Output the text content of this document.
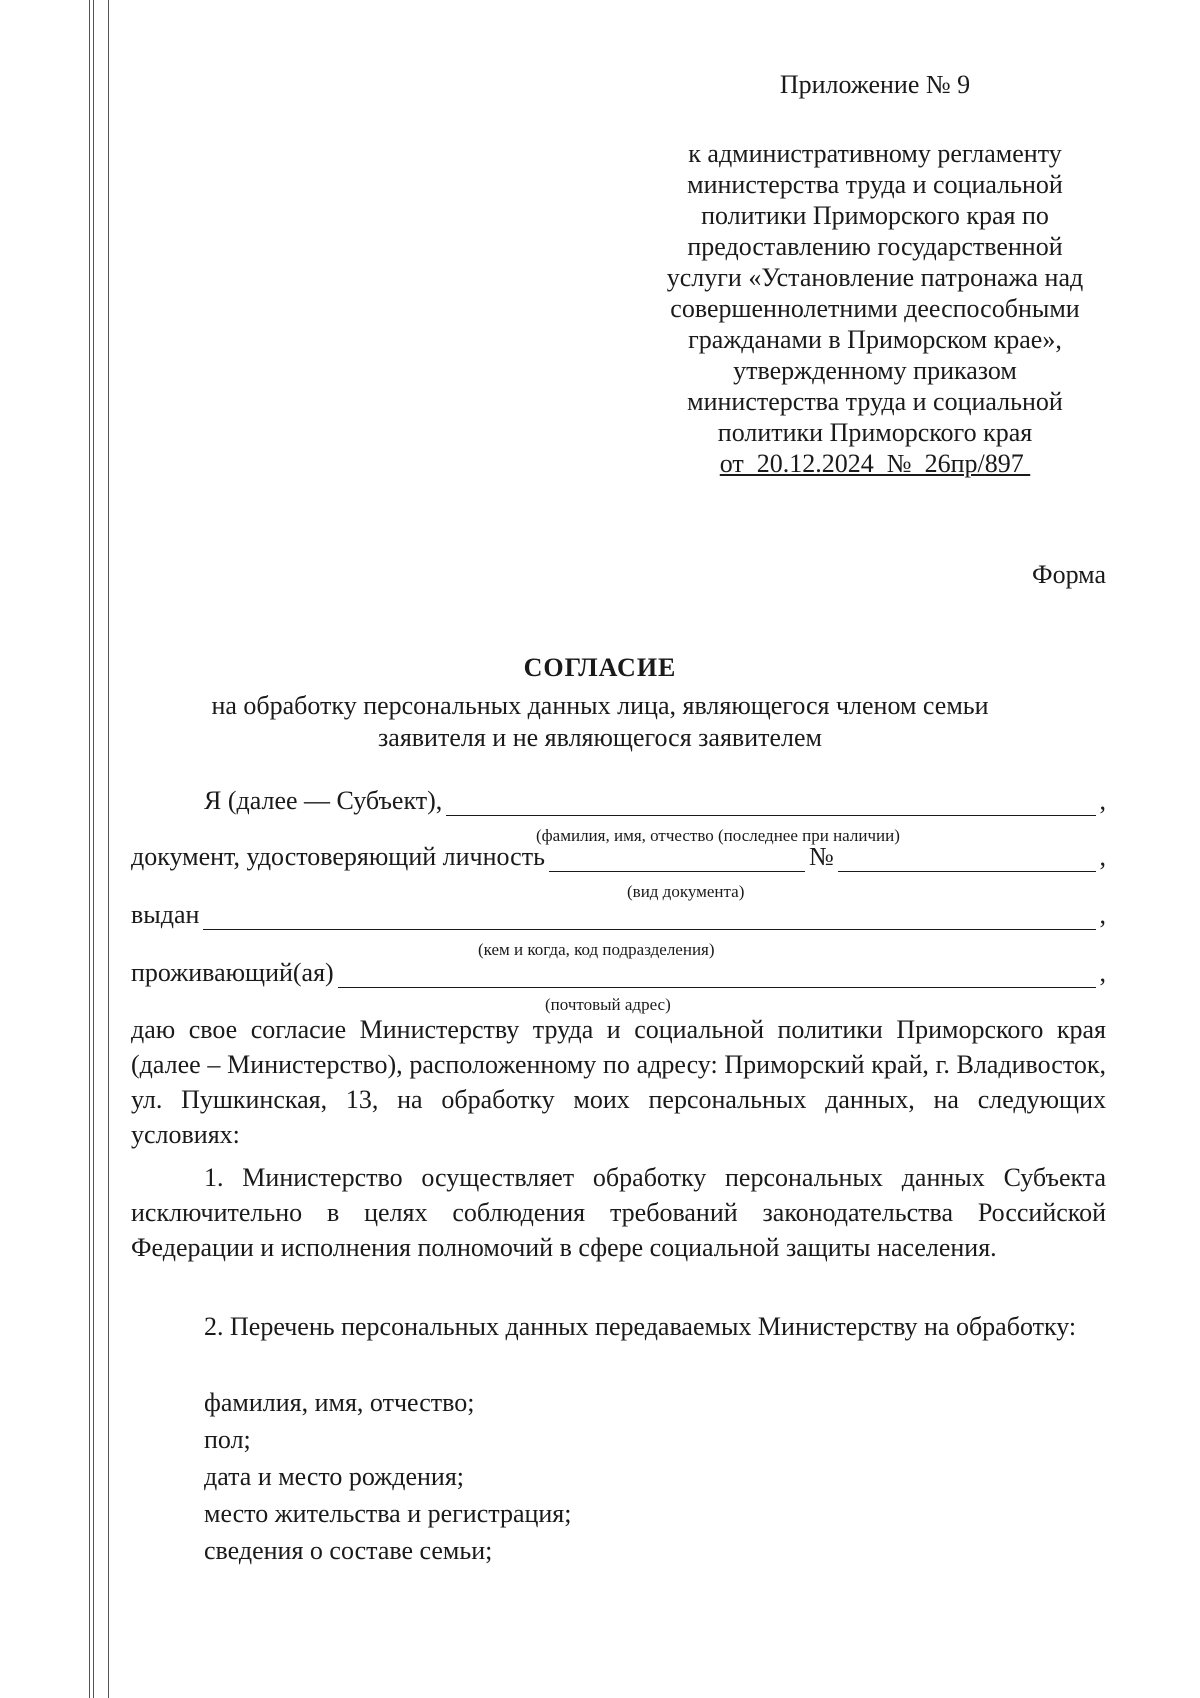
Приложение № 9
к административному регламенту
министерства труда и социальной
политики Приморского края по
предоставлению государственной
услуги «Установление патронажа над
совершеннолетними дееспособными
гражданами в Приморском крае»,
утвержденному приказом
министерства труда и социальной
политики Приморского края
от  20.12.2024  №  26пр/897
Форма
СОГЛАСИЕ
на обработку персональных данных лица, являющегося членом семьи
заявителя и не являющегося заявителем
Я (далее — Субъект),	,
(фамилия, имя, отчество (последнее при наличии)
документ, удостоверяющий личность	№	,
(вид документа)
выдан	,
(кем и когда, код подразделения)
проживающий(ая)	,
(почтовый адрес)
даю свое согласие Министерству труда и социальной политики Приморского края (далее – Министерство), расположенному по адресу: Приморский край, г. Владивосток, ул. Пушкинская, 13, на обработку моих персональных данных, на следующих условиях:

1. Министерство осуществляет обработку персональных данных Субъекта исключительно в целях соблюдения требований законодательства Российской Федерации и исполнения полномочий в сфере социальной защиты населения.

2. Перечень персональных данных передаваемых Министерству на обработку:

фамилия, имя, отчество;
пол;
дата и место рождения;
место жительства и регистрация;
сведения о составе семьи;
